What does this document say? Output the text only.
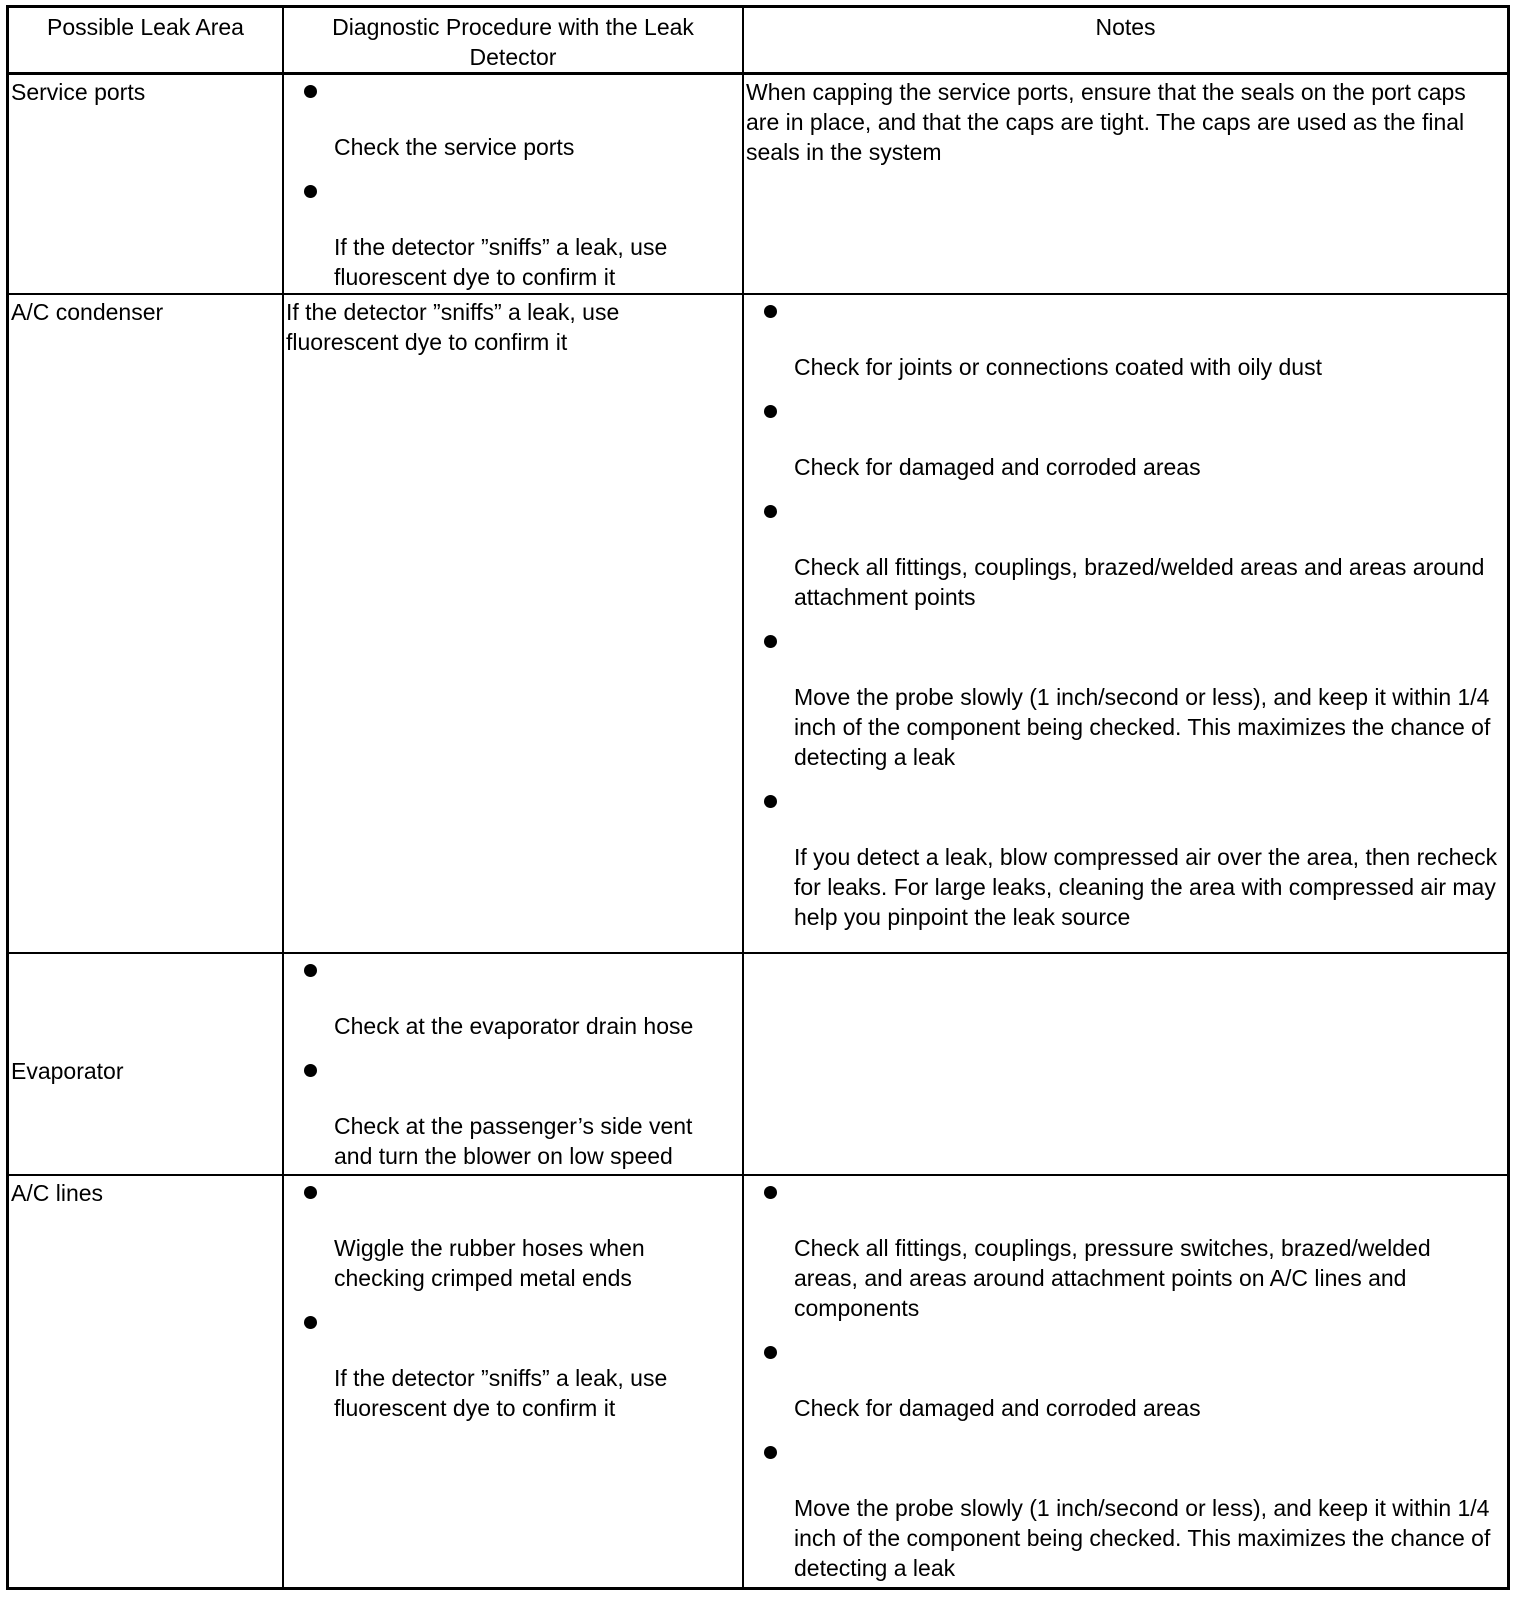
Possible Leak Area	Diagnostic Procedure with the Leak Detector
Notes
Service ports
Check the service ports
If the detector ”sniffs” a leak, use fluorescent dye to confirm it
When capping the service ports, ensure that the seals on the port caps are in place, and that the caps are tight. The caps are used as the final seals in the system
A/C condenser	If the detector ”sniffs” a leak, use fluorescent dye to confirm it
Check for joints or connections coated with oily dust
Check for damaged and corroded areas
Check all fittings, couplings, brazed/welded areas and areas around attachment points
Move the probe slowly (1 inch/second or less), and keep it within 1/4 inch of the component being checked. This maximizes the chance of detecting a leak
If you detect a leak, blow compressed air over the area, then recheck for leaks. For large leaks, cleaning the area with compressed air may help you pinpoint the leak source
Evaporator
Check at the evaporator drain hose
Check at the passenger’s side vent and turn the blower on low speed
A/C lines
Wiggle the rubber hoses when checking crimped metal ends
If the detector ”sniffs” a leak, use fluorescent dye to confirm it
Check all fittings, couplings, pressure switches, brazed/welded areas, and areas around attachment points on A/C lines and components
Check for damaged and corroded areas
Move the probe slowly (1 inch/second or less), and keep it within 1/4 inch of the component being checked. This maximizes the chance of detecting a leak
